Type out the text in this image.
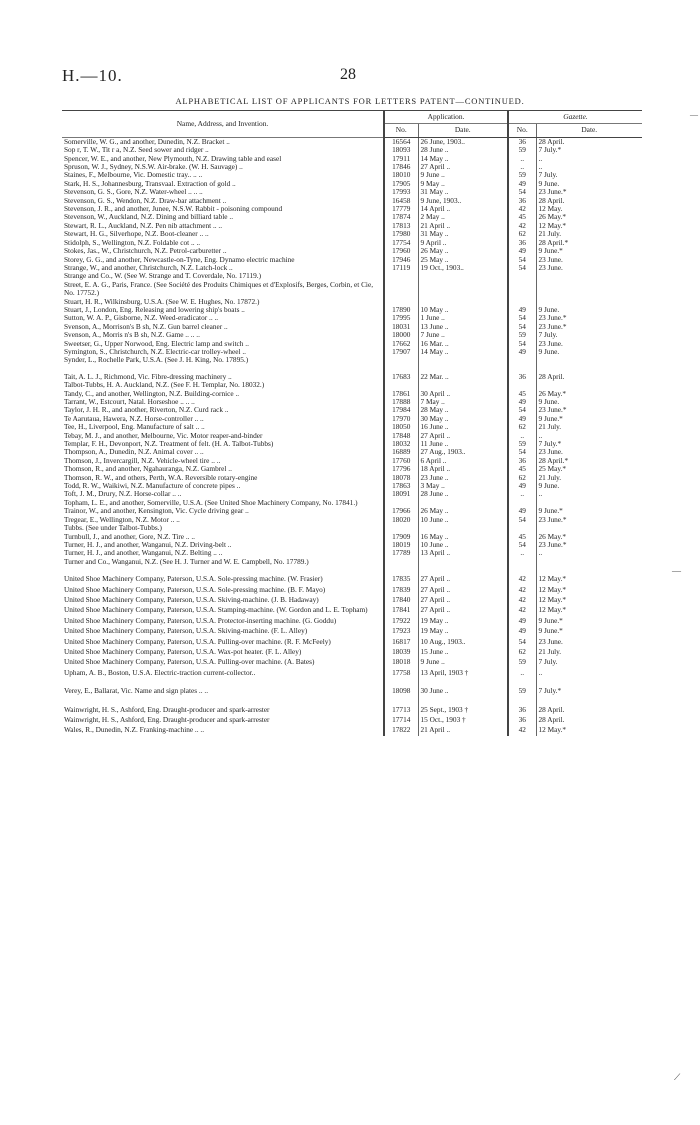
H.—10.	28
ALPHABETICAL LIST OF APPLICANTS FOR LETTERS PATENT—CONTINUED.
Name, Address, and Invention.	Application.		Gazette.	
	No.	Date.	No.	Date.
Somerville, W. G., and another, Dunedin, N.Z. Bracket ..	16564	26 June, 1903..	36	28 April.
Sop r, T. W., Tit r a, N.Z. Seed sower and ridger ..	18093	28 June ..	59	7 July.*
Spencer, W. E., and another, New Plymouth, N.Z. Drawing table and easel	17911	14 May ..	..	..
Spruson, W. J., Sydney, N.S.W. Air-brake. (W. H. Sauvage) ..	17846	27 April ..	..	..
Staines, F., Melbourne, Vic. Domestic tray.. .. ..	18010	9 June ..	59	7 July.
Stark, H. S., Johannesburg, Transvaal. Extraction of gold ..	17905	9 May ..	49	9 June.
Stevenson, G. S., Gore, N.Z. Water-wheel .. .. ..	17993	31 May ..	54	23 June.*
Stevenson, G. S., Wendon, N.Z. Draw-bar attachment ..	16458	9 June, 1903..	36	28 April.
Stevenson, J. R., and another, Junee, N.S.W. Rabbit - poisoning compound	17779	14 April ..	42	12 May.
Stevenson, W., Auckland, N.Z. Dining and billiard table ..	17874	2 May ..	45	26 May.*
Stewart, R. L., Auckland, N.Z. Pen nib attachment .. ..	17813	21 April ..	42	12 May.*
Stewart, H. G., Silverhope, N.Z. Boot-cleaner .. ..	17980	31 May ..	62	21 July.
Stidolph, S., Wellington, N.Z. Foldable cot .. ..	17754	9 April ..	36	28 April.*
Stokes, Jas., W., Christchurch, N.Z. Petrol-carburetter ..	17960	26 May ..	49	9 June.*
Storey, G. G., and another, Newcastle-on-Tyne, Eng. Dynamo electric machine	17946	25 May ..	54	23 June.
Strange, W., and another, Christchurch, N.Z. Latch-lock ..	17119	19 Oct., 1903..	54	23 June.
Strange and Co., W. (See W. Strange and T. Coverdale, No. 17119.)				
Street, E. A. G., Paris, France. (See Société des Produits Chimiques et d'Explosifs, Berges, Corbin, et Cie, No. 17752.)				
Stuart, H. R., Wilkinsburg, U.S.A. (See W. E. Hughes, No. 17872.)				
Stuart, J., London, Eng. Releasing and lowering ship's boats ..	17890	10 May ..	49	9 June.
Sutton, W. A. P., Gisborne, N.Z. Weed-eradicator .. ..	17995	1 June ..	54	23 June.*
Svenson, A., Morrison's B sh, N.Z. Gun barrel cleaner ..	18031	13 June ..	54	23 June.*
Svenson, A., Morris n's B sh, N.Z. Game .. .. ..	18000	7 June ..	59	7 July.
Sweetser, G., Upper Norwood, Eng. Electric lamp and switch ..	17662	16 Mar. ..	54	23 June.
Symington, S., Christchurch, N.Z. Electric-car trolley-wheel ..	17907	14 May ..	49	9 June.
Synder, L., Rochelle Park, U.S.A. (See J. H. King, No. 17895.)				

Tait, A. L. J., Richmond, Vic. Fibre-dressing machinery ..	17683	22 Mar. ..	36	28 April.
Talbot-Tubbs, H. A. Auckland, N.Z. (See F. H. Templar, No. 18032.)				
Tandy, C., and another, Wellington, N.Z. Building-cornice ..	17861	30 April ..	45	26 May.*
Tarrant, W., Estcourt, Natal. Horseshoe .. .. ..	17888	7 May ..	49	9 June.
Taylor, J. H. R., and another, Riverton, N.Z. Curd rack ..	17984	28 May ..	54	23 June.*
Te Aarutaua, Hawera, N.Z. Horse-controller .. ..	17970	30 May ..	49	9 June.*
Tee, H., Liverpool, Eng. Manufacture of salt .. ..	18050	16 June ..	62	21 July.
Tebay, M. J., and another, Melbourne, Vic. Motor reaper-and-binder	17848	27 April ..	..	..
Templar, F. H., Devonport, N.Z. Treatment of felt. (H. A. Talbot-Tubbs)	18032	11 June ..	59	7 July.*
Thompson, A., Dunedin, N.Z. Animal cover .. ..	16889	27 Aug., 1903..	54	23 June.
Thomson, J., Invercargill, N.Z. Vehicle-wheel tire .. ..	17760	6 April ..	36	28 April.*
Thomson, R., and another, Ngahauranga, N.Z. Gambrel ..	17796	18 April ..	45	25 May.*
Thomson, R. W., and others, Perth, W.A. Reversible rotary-engine	18078	23 June ..	62	21 July.
Todd, R. W., Waikiwi, N.Z. Manufacture of concrete pipes ..	17863	3 May ..	49	9 June.
Toft, J. M., Drury, N.Z. Horse-collar .. ..	18091	28 June ..	..	..
Topham, L. E., and another, Somerville, U.S.A. (See United Shoe Machinery Company, No. 17841.)				
Trainor, W., and another, Kensington, Vic. Cycle driving gear ..	17966	26 May ..	49	9 June.*
Tregear, E., Wellington, N.Z. Motor .. ..	18020	10 June ..	54	23 June.*
Tubbs. (See under Talbot-Tubbs.)				
Turnbull, J., and another, Gore, N.Z. Tire .. ..	17909	16 May ..	45	26 May.*
Turner, H. J., and another, Wanganui, N.Z. Driving-belt ..	18019	10 June ..	54	23 June.*
Turner, H. J., and another, Wanganui, N.Z. Belting .. ..	17789	13 April ..	..	..
Turner and Co., Wanganui, N.Z. (See H. J. Turner and W. E. Campbell, No. 17789.)				

United Shoe Machinery Company, Paterson, U.S.A. Sole-pressing machine. (W. Frasier)	17835	27 April ..	42	12 May.*
United Shoe Machinery Company, Paterson, U.S.A. Sole-pressing machine. (B. F. Mayo)	17839	27 April ..	42	12 May.*
United Shoe Machinery Company, Paterson, U.S.A. Skiving-machine. (J. B. Hadaway)	17840	27 April ..	42	12 May.*
United Shoe Machinery Company, Paterson, U.S.A. Stamping-machine. (W. Gordon and L. E. Topham)	17841	27 April ..	42	12 May.*
United Shoe Machinery Company, Paterson, U.S.A. Protector-inserting machine. (G. Goddu)	17922	19 May ..	49	9 June.*
United Shoe Machinery Company, Paterson, U.S.A. Skiving-machine. (F. L. Alley)	17923	19 May ..	49	9 June.*
United Shoe Machinery Company, Paterson, U.S.A. Pulling-over machine. (R. F. McFeely)	16817	10 Aug., 1903..	54	23 June.
United Shoe Machinery Company, Paterson, U.S.A. Wax-pot heater. (F. L. Alley)	18039	15 June ..	62	21 July.
United Shoe Machinery Company, Paterson, U.S.A. Pulling-over machine. (A. Bates)	18018	9 June ..	59	7 July.
Upham, A. B., Boston, U.S.A. Electric-traction current-collector..	17758	13 April, 1903 †	..	..

Verey, E., Ballarat, Vic. Name and sign plates .. ..	18098	30 June ..	59	7 July.*

Wainwright, H. S., Ashford, Eng. Draught-producer and spark-arrester	17713	25 Sept., 1903 †	36	28 April.
Wainwright, H. S., Ashford, Eng. Draught-producer and spark-arrester	17714	15 Oct., 1903 †	36	28 April.
Wales, R., Dunedin, N.Z. Franking-machine .. ..	17822	21 April ..	42	12 May.*
—
—
⟋
